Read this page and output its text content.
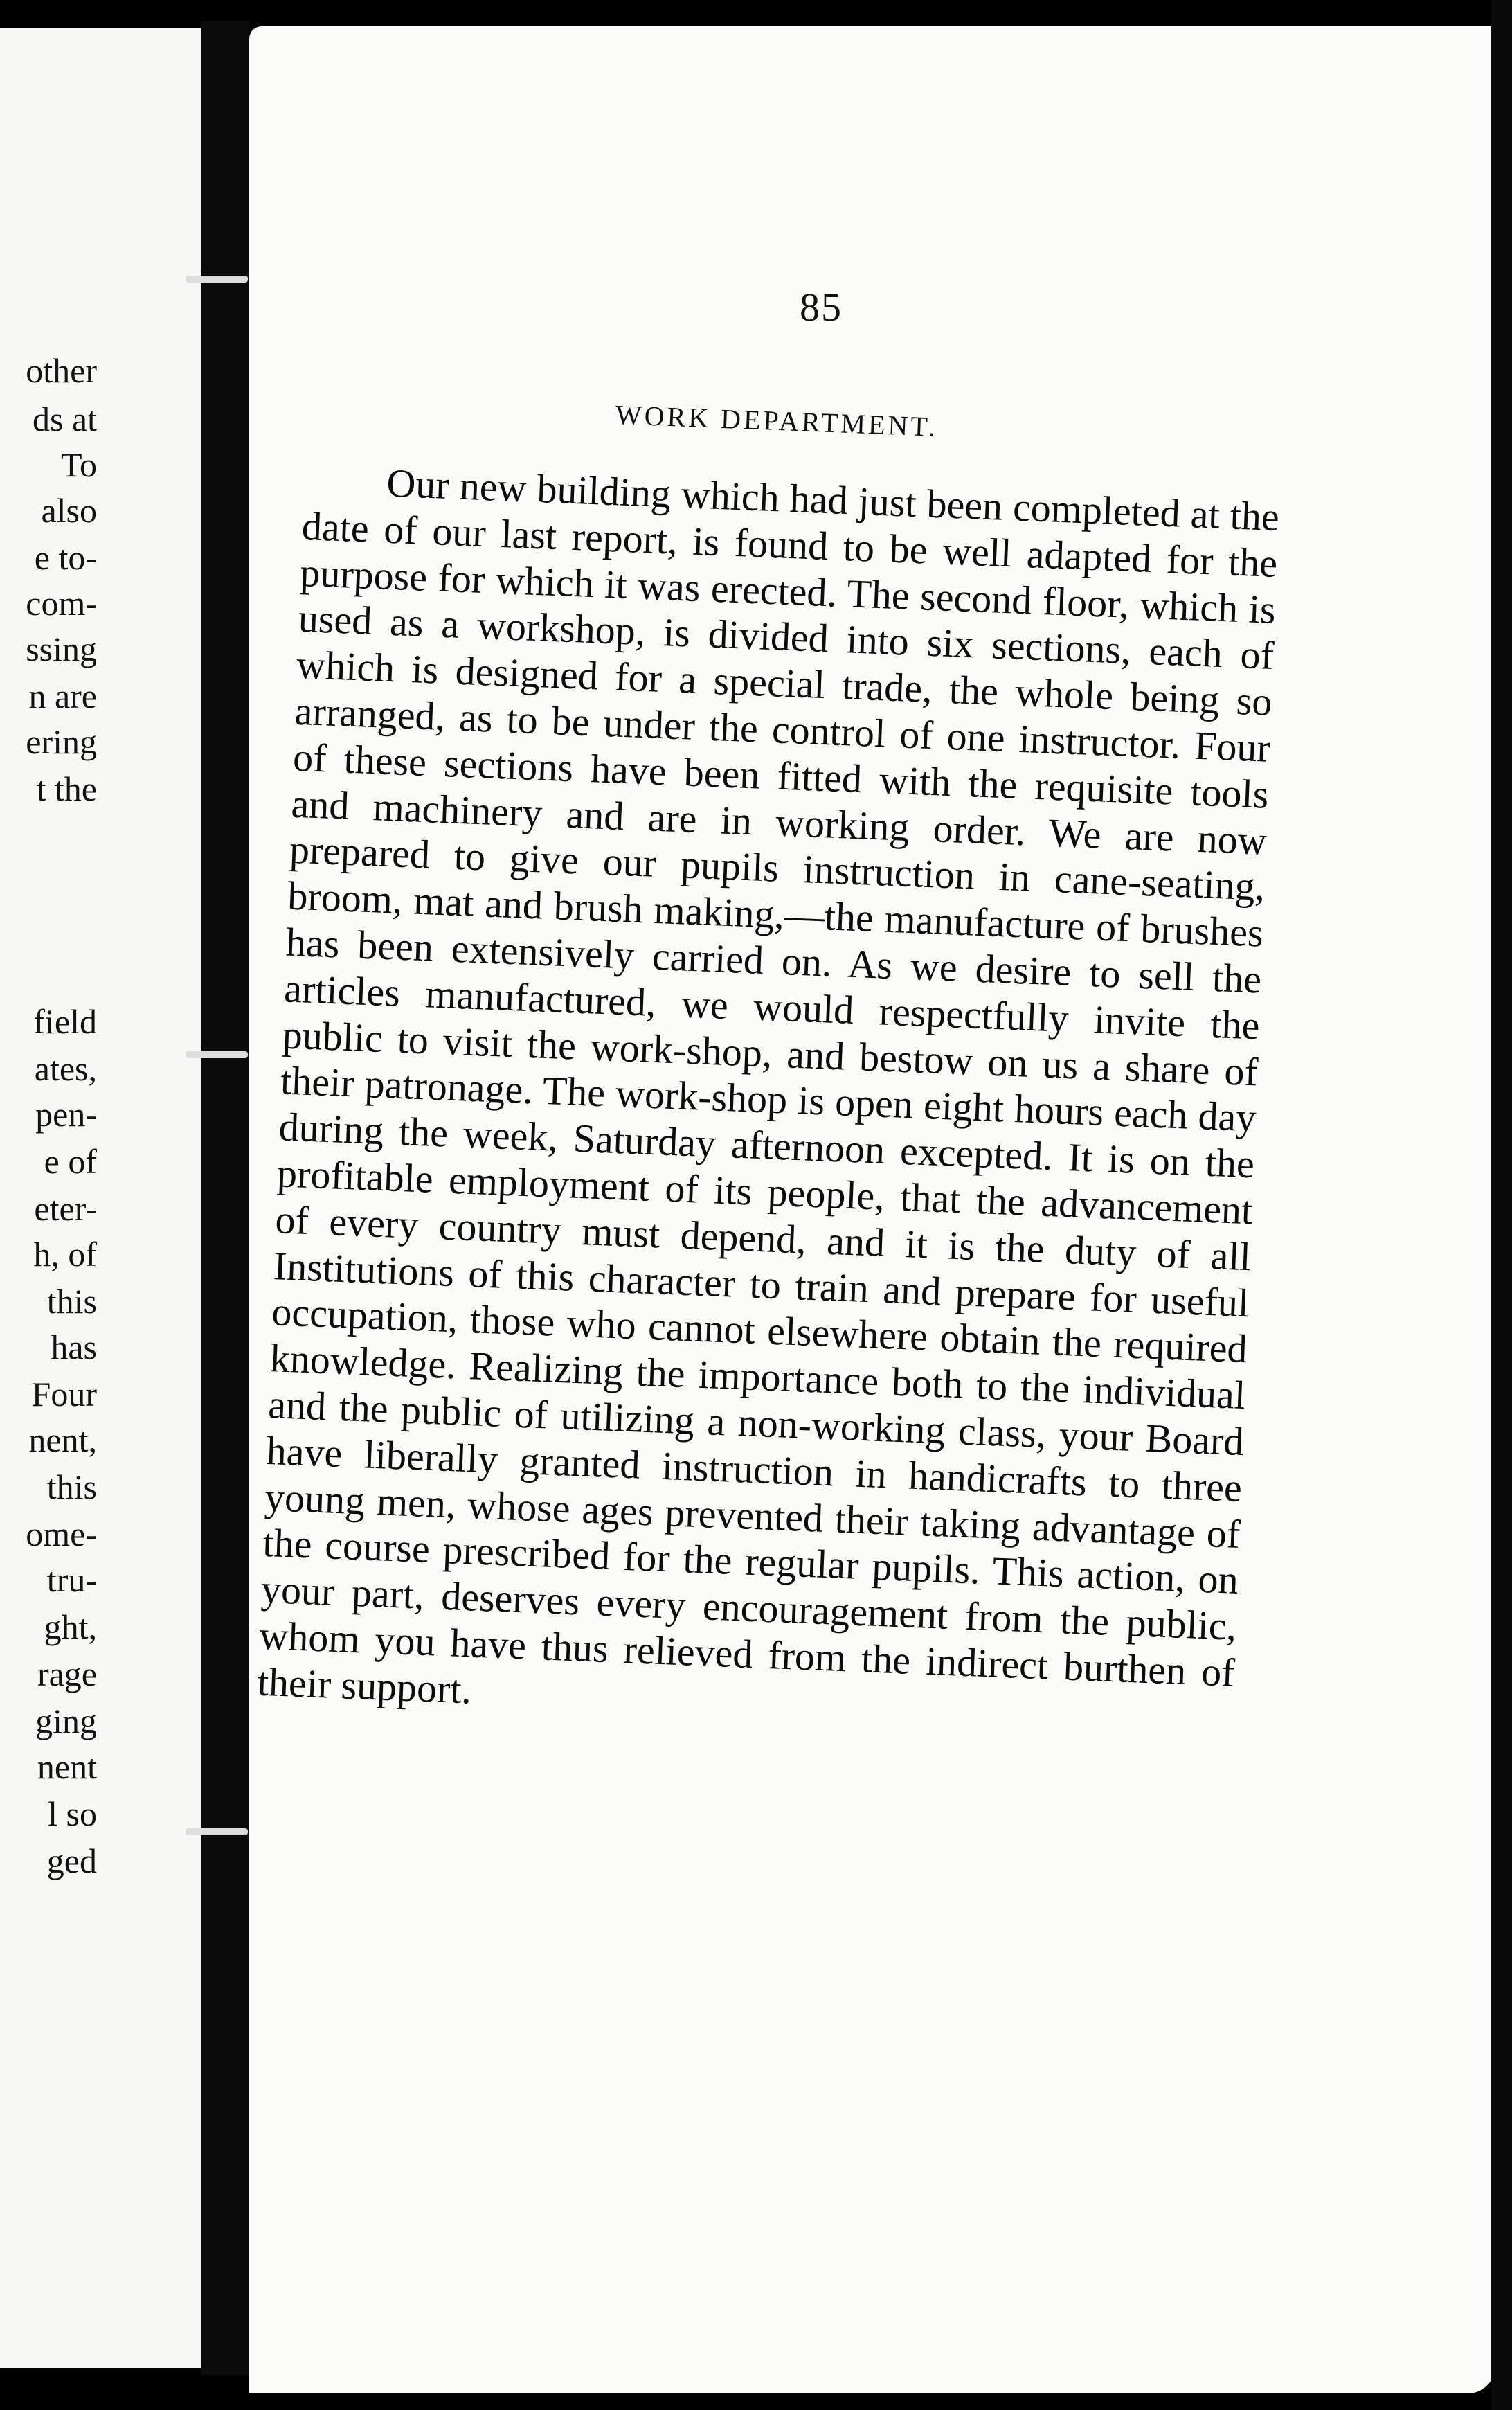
other
ds at
To
also
e to-
com-
ssing
n are
ering
t the
field
ates,
pen-
e of
eter-
h, of
this
has
Four
nent,
this
ome-
tru-
ght,
rage
ging
nent
l so
ged
85
WORK DEPARTMENT.
Our new building which had just been completed at the date of our last report, is found to be well adapted for the purpose for which it was erected. The second floor, which is used as a workshop, is divided into six sections, each of which is designed for a special trade, the whole being so arranged, as to be under the control of one instructor. Four of these sections have been fitted with the requisite tools and machinery and are in working order. We are now prepared to give our pupils instruction in cane-seating, broom, mat and brush making,—the manufacture of brushes has been extensively carried on. As we desire to sell the articles manufactured, we would respectfully invite the public to visit the work-shop, and bestow on us a share of their patronage. The work-shop is open eight hours each day during the week, Saturday afternoon excepted. It is on the profitable employment of its people, that the advancement of every country must depend, and it is the duty of all Institutions of this character to train and prepare for useful occupation, those who cannot elsewhere obtain the required knowledge. Realizing the importance both to the individual and the public of utilizing a non-working class, your Board have liberally granted instruction in handicrafts to three young men, whose ages prevented their taking advantage of the course prescribed for the regular pupils. This action, on your part, deserves every encouragement from the public, whom you have thus relieved from the indirect burthen of their support.
